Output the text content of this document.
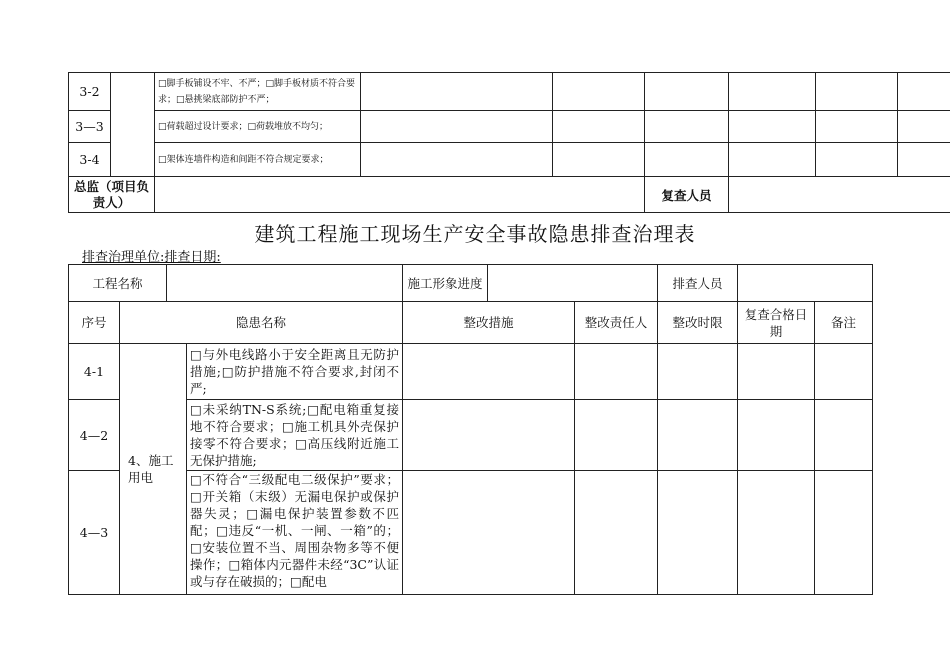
3-2		□脚手板铺设不牢、不严；□脚手板材质不符合要求；□悬挑梁底部防护不严；						
3—3		□荷载超过设计要求；□荷载堆放不均匀；						
3-4		□架体连墙件构造和间距不符合规定要求；						
总监（项目负责人）					复查人员			
建筑工程施工现场生产安全事故隐患排查治理表
排查治理单位:排查日期:
工程名称				施工形象进度			排查人员		
序号	隐患名称			整改措施		整改责任人	整改时限	复查合格日期	备注
4-1	4、施工用电		□与外电线路小于安全距离且无防护措施;□防护措施不符合要求,封闭不严;						
4—2			□未采纳TN-S系统;□配电箱重复接地不符合要求；□施工机具外壳保护接零不符合要求；□高压线附近施工无保护措施;						
4—3			□不符合“三级配电二级保护”要求；□开关箱（末级）无漏电保护或保护器失灵；□漏电保护装置参数不匹配；□违反“一机、一闸、一箱”的；□安装位置不当、周围杂物多等不便操作；□箱体内元器件未经“3C”认证或与存在破损的；□配电						
